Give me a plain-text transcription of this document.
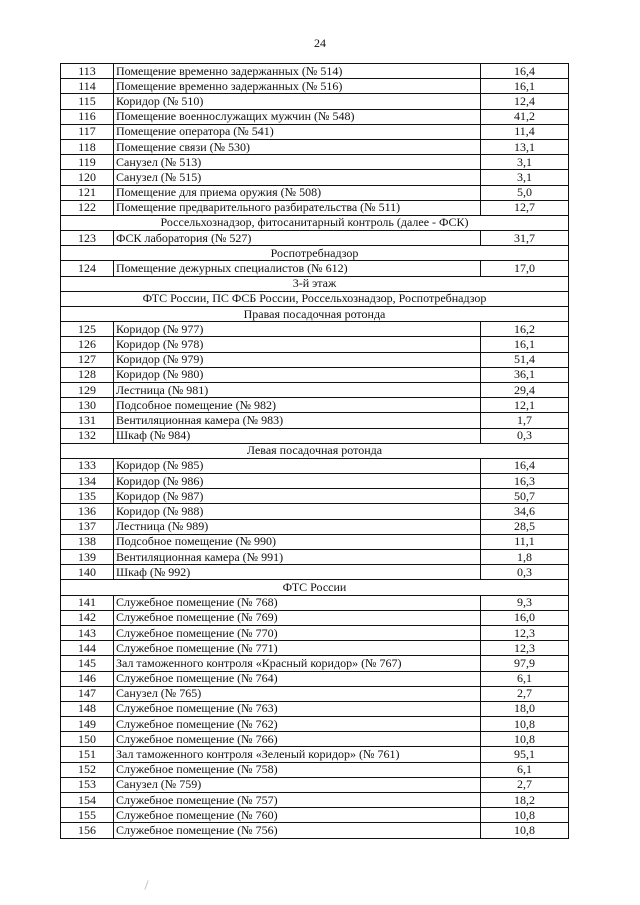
24
113	Помещение временно задержанных (№ 514)	16,4
114	Помещение временно задержанных (№ 516)	16,1
115	Коридор (№ 510)	12,4
116	Помещение военнослужащих мужчин (№ 548)	41,2
117	Помещение оператора (№ 541)	11,4
118	Помещение связи (№ 530)	13,1
119	Санузел (№ 513)	3,1
120	Санузел (№ 515)	3,1
121	Помещение для приема оружия (№ 508)	5,0
122	Помещение предварительного разбирательства (№ 511)	12,7
Россельхознадзор, фитосанитарный контроль (далее - ФСК)		
123	ФСК лаборатория (№ 527)	31,7
Роспотребнадзор		
124	Помещение дежурных специалистов (№ 612)	17,0
3-й этаж		
ФТС России, ПС ФСБ России, Россельхознадзор, Роспотребнадзор		
Правая посадочная ротонда		
125	Коридор (№ 977)	16,2
126	Коридор (№ 978)	16,1
127	Коридор (№ 979)	51,4
128	Коридор (№ 980)	36,1
129	Лестница (№ 981)	29,4
130	Подсобное помещение (№ 982)	12,1
131	Вентиляционная камера (№ 983)	1,7
132	Шкаф (№ 984)	0,3
Левая посадочная ротонда		
133	Коридор (№ 985)	16,4
134	Коридор (№ 986)	16,3
135	Коридор (№ 987)	50,7
136	Коридор (№ 988)	34,6
137	Лестница (№ 989)	28,5
138	Подсобное помещение (№ 990)	11,1
139	Вентиляционная камера (№ 991)	1,8
140	Шкаф (№ 992)	0,3
ФТС России		
141	Служебное помещение (№ 768)	9,3
142	Служебное помещение (№ 769)	16,0
143	Служебное помещение (№ 770)	12,3
144	Служебное помещение (№ 771)	12,3
145	Зал таможенного контроля «Красный коридор» (№ 767)	97,9
146	Служебное помещение (№ 764)	6,1
147	Санузел (№ 765)	2,7
148	Служебное помещение (№ 763)	18,0
149	Служебное помещение (№ 762)	10,8
150	Служебное помещение (№ 766)	10,8
151	Зал таможенного контроля «Зеленый коридор» (№ 761)	95,1
152	Служебное помещение (№ 758)	6,1
153	Санузел (№ 759)	2,7
154	Служебное помещение (№ 757)	18,2
155	Служебное помещение (№ 760)	10,8
156	Служебное помещение (№ 756)	10,8
